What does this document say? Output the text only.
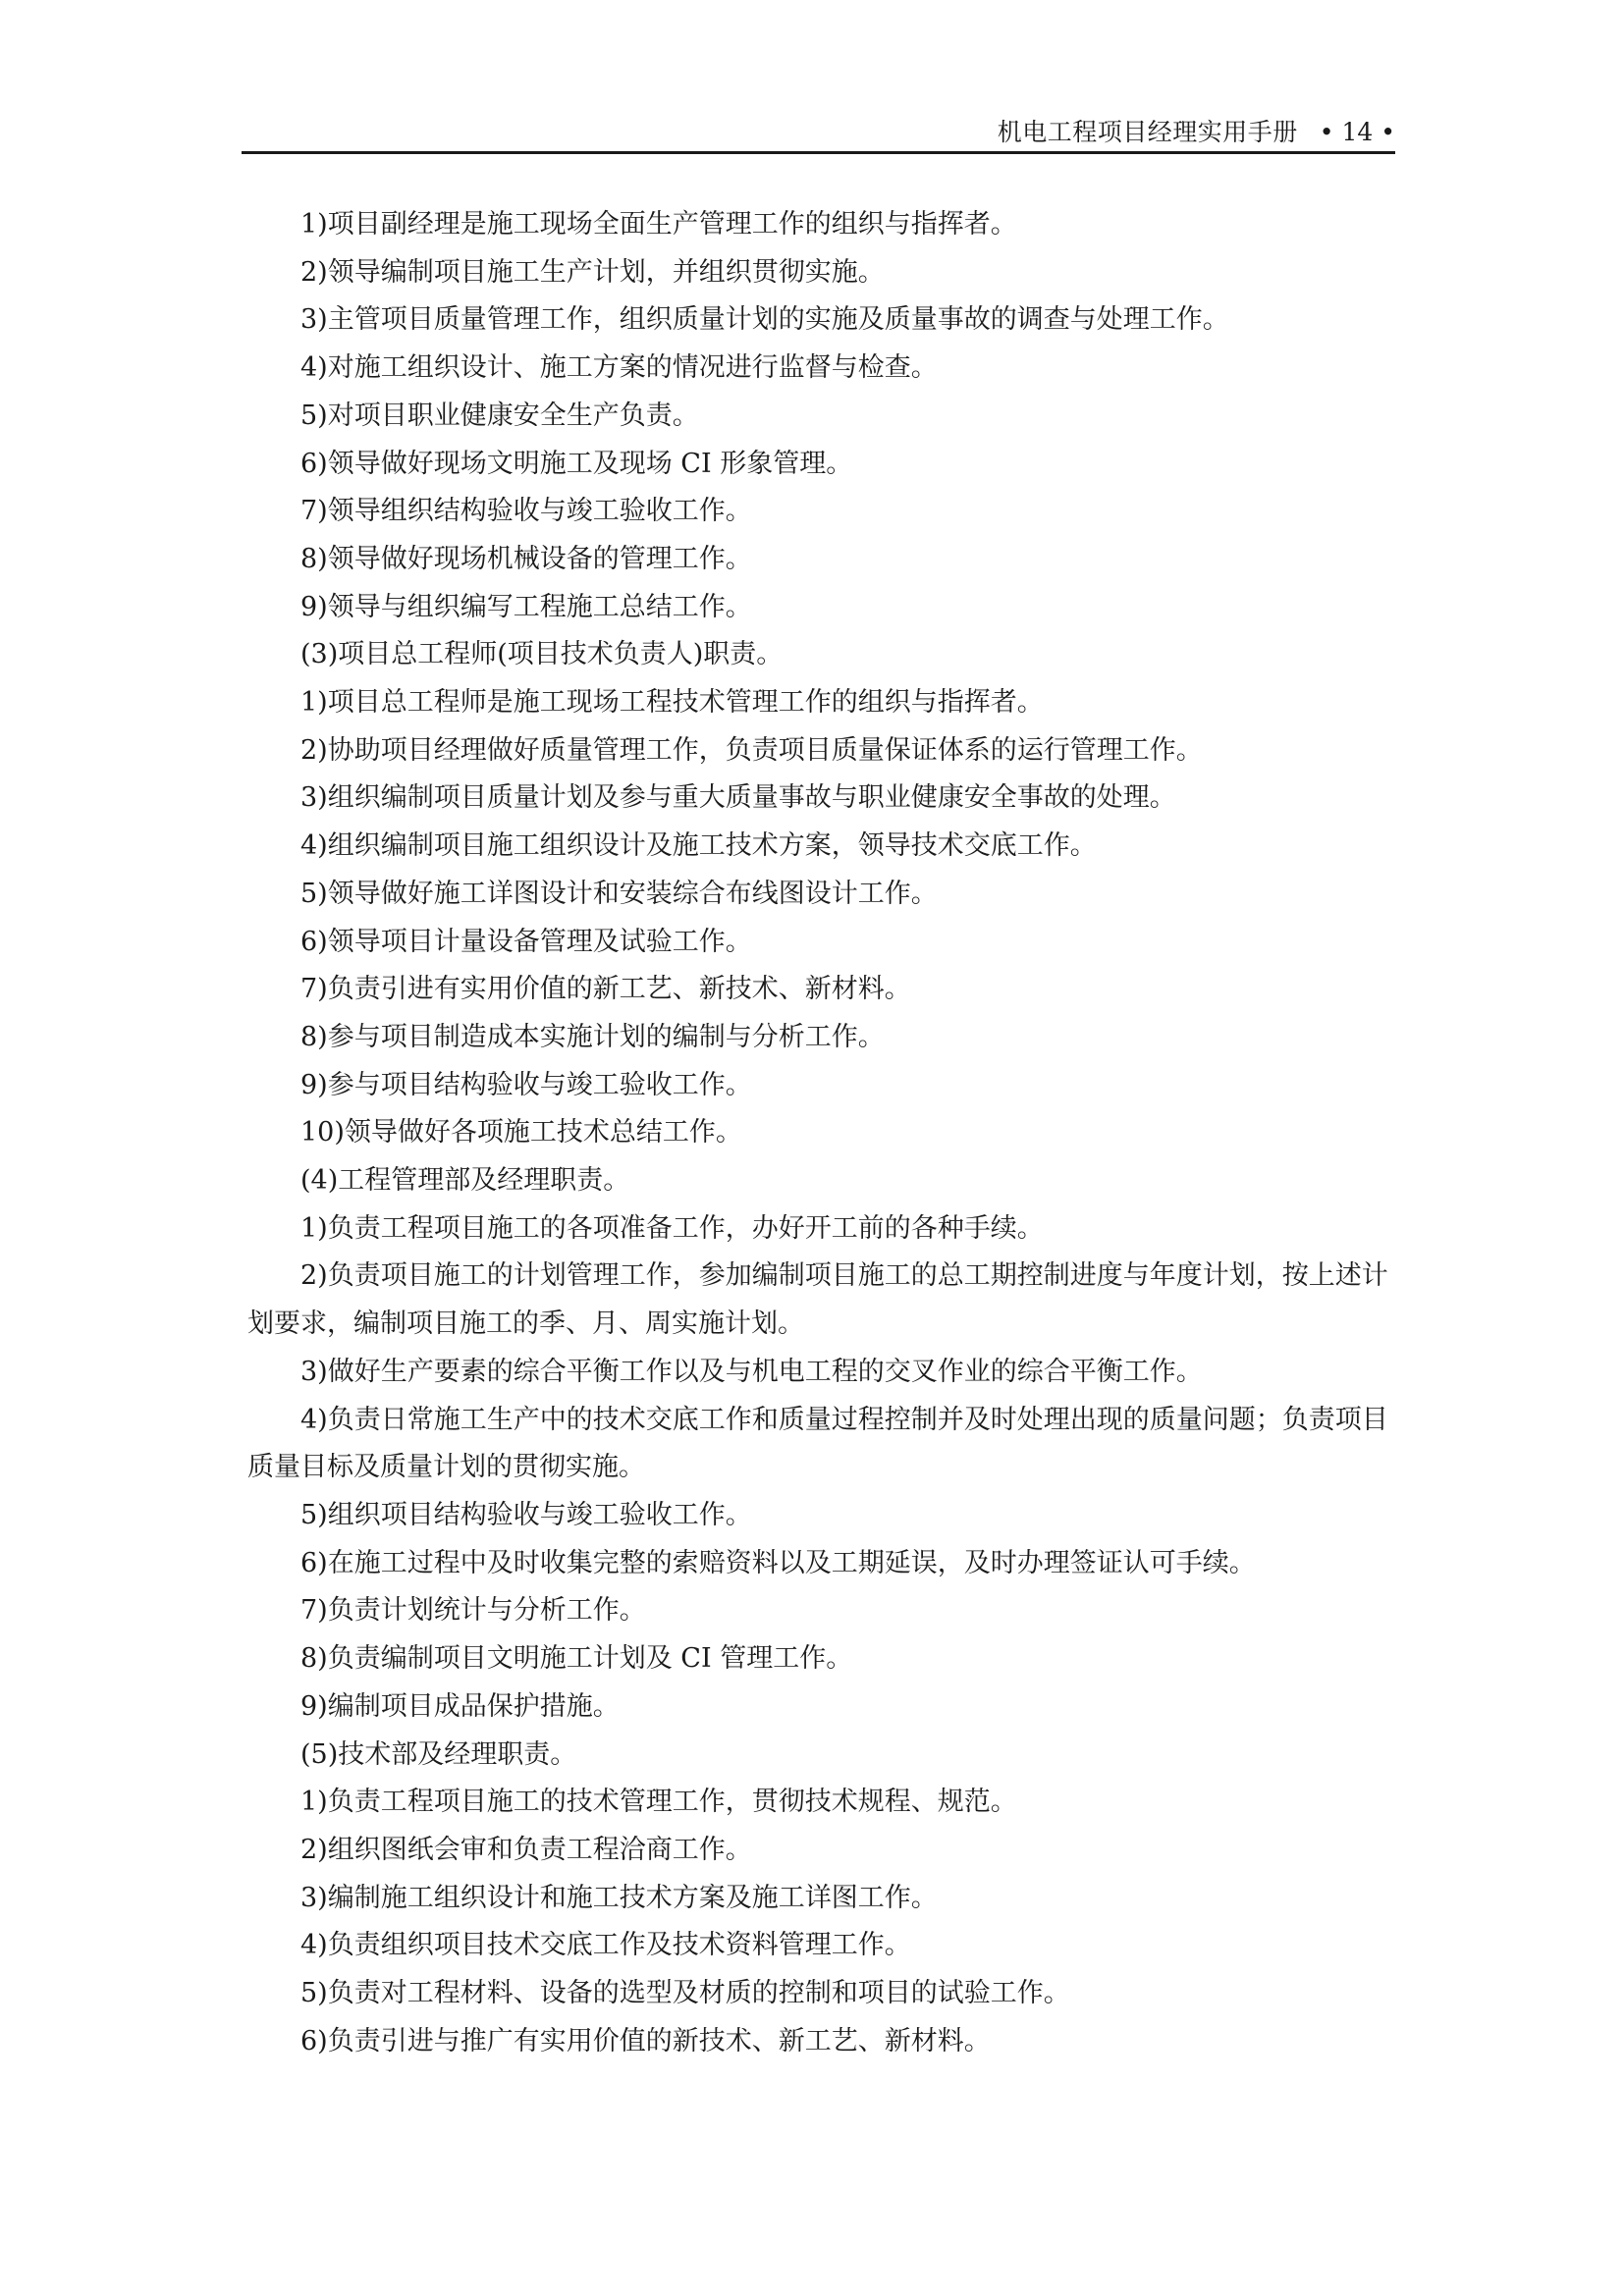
机电工程项目经理实用手册 • 14 •

1)项目副经理是施工现场全面生产管理工作的组织与指挥者。

2)领导编制项目施工生产计划，并组织贯彻实施。

3)主管项目质量管理工作，组织质量计划的实施及质量事故的调查与处理工作。

4)对施工组织设计、施工方案的情况进行监督与检查。

5)对项目职业健康安全生产负责。

6)领导做好现场文明施工及现场 CI 形象管理。

7)领导组织结构验收与竣工验收工作。

8)领导做好现场机械设备的管理工作。

9)领导与组织编写工程施工总结工作。

(3)项目总工程师(项目技术负责人)职责。

1)项目总工程师是施工现场工程技术管理工作的组织与指挥者。

2)协助项目经理做好质量管理工作，负责项目质量保证体系的运行管理工作。

3)组织编制项目质量计划及参与重大质量事故与职业健康安全事故的处理。

4)组织编制项目施工组织设计及施工技术方案，领导技术交底工作。

5)领导做好施工详图设计和安装综合布线图设计工作。

6)领导项目计量设备管理及试验工作。

7)负责引进有实用价值的新工艺、新技术、新材料。

8)参与项目制造成本实施计划的编制与分析工作。

9)参与项目结构验收与竣工验收工作。

10)领导做好各项施工技术总结工作。

(4)工程管理部及经理职责。

1)负责工程项目施工的各项准备工作，办好开工前的各种手续。

2)负责项目施工的计划管理工作，参加编制项目施工的总工期控制进度与年度计划，按上述计划要求，编制项目施工的季、月、周实施计划。

3)做好生产要素的综合平衡工作以及与机电工程的交叉作业的综合平衡工作。

4)负责日常施工生产中的技术交底工作和质量过程控制并及时处理出现的质量问题；负责项目质量目标及质量计划的贯彻实施。

5)组织项目结构验收与竣工验收工作。

6)在施工过程中及时收集完整的索赔资料以及工期延误，及时办理签证认可手续。

7)负责计划统计与分析工作。

8)负责编制项目文明施工计划及 CI 管理工作。

9)编制项目成品保护措施。

(5)技术部及经理职责。

1)负责工程项目施工的技术管理工作，贯彻技术规程、规范。

2)组织图纸会审和负责工程洽商工作。

3)编制施工组织设计和施工技术方案及施工详图工作。

4)负责组织项目技术交底工作及技术资料管理工作。

5)负责对工程材料、设备的选型及材质的控制和项目的试验工作。

6)负责引进与推广有实用价值的新技术、新工艺、新材料。
